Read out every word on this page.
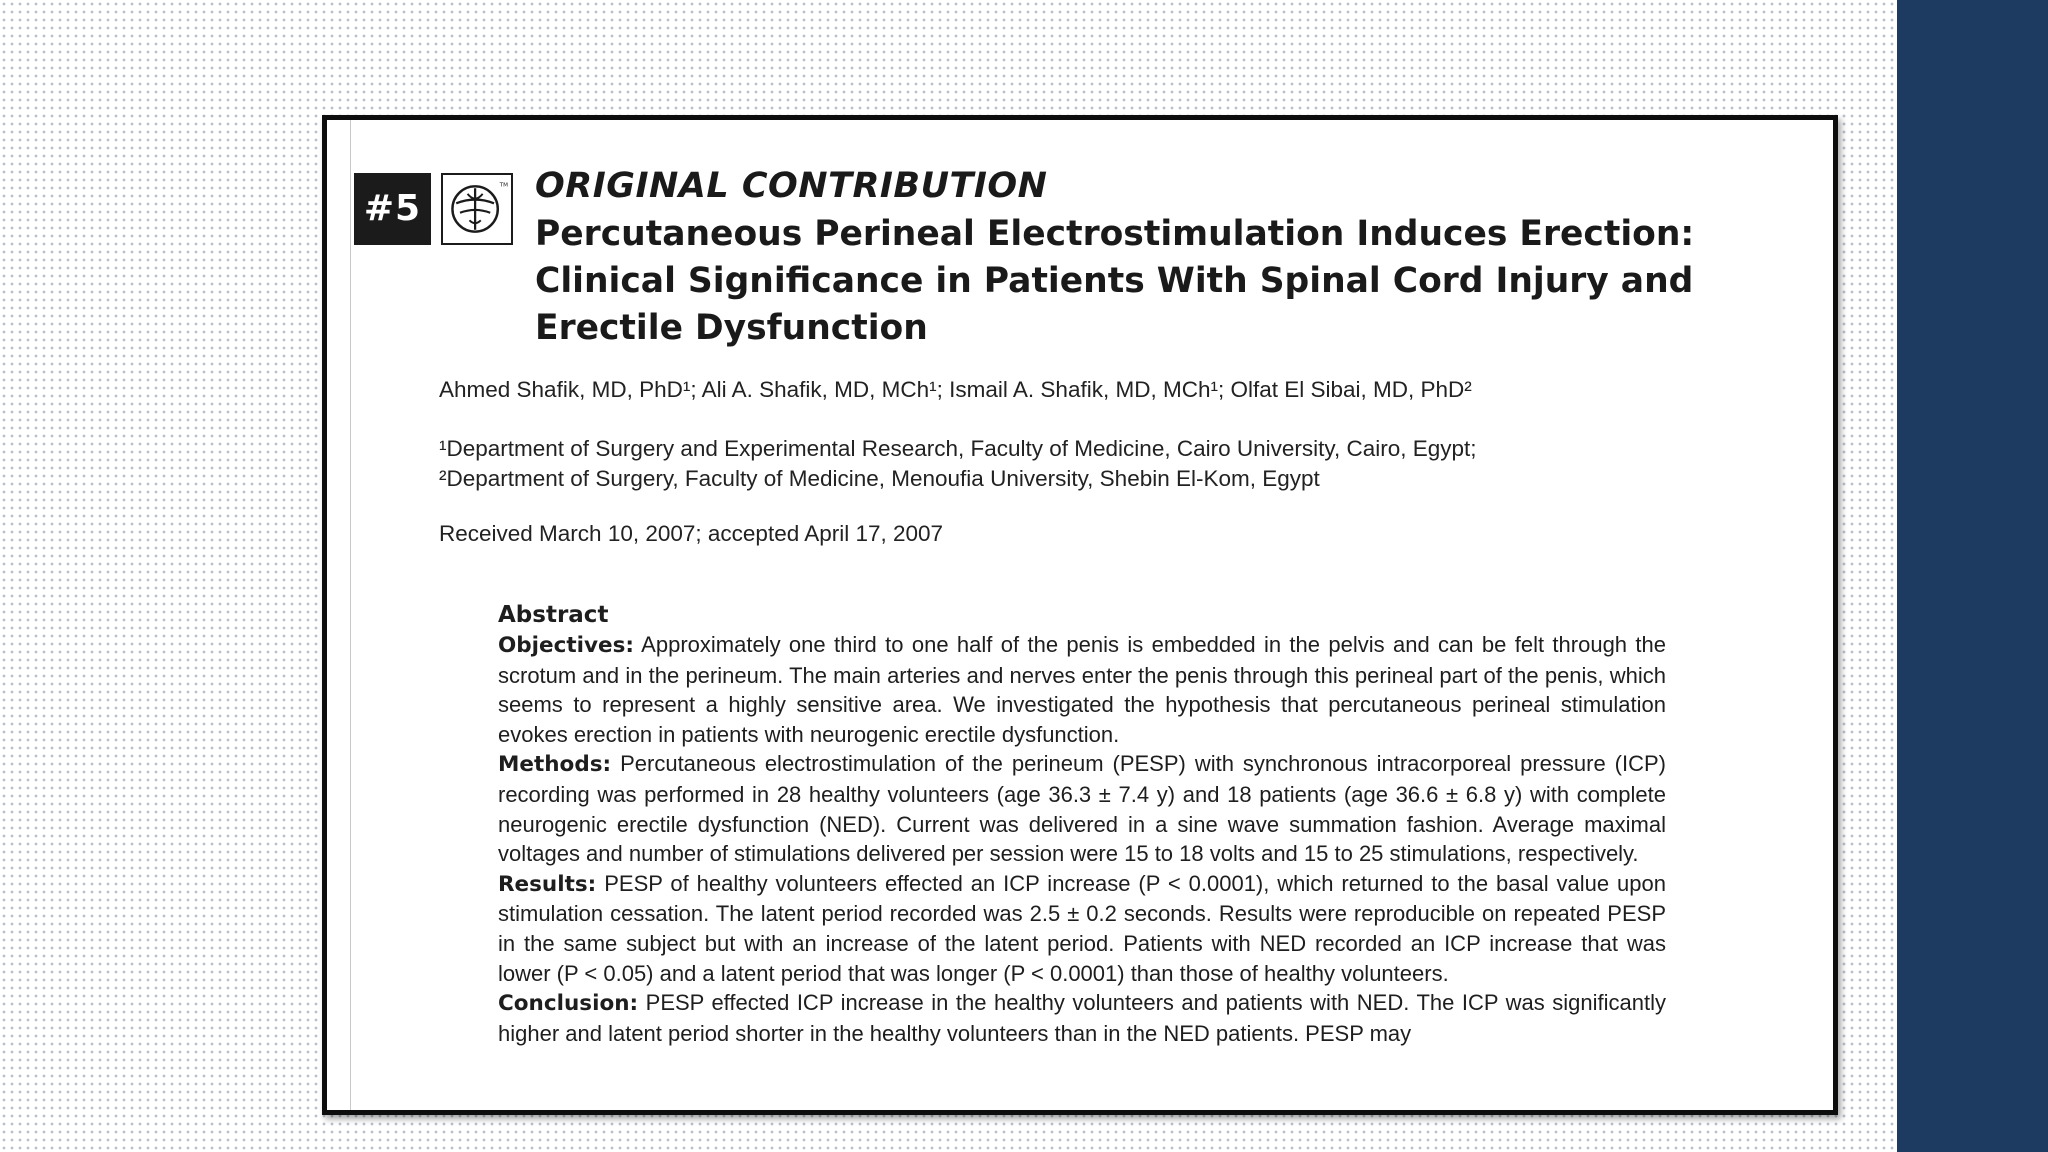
#5
TM ORIGINAL CONTRIBUTION
Percutaneous Perineal Electrostimulation Induces Erection: Clinical Significance in Patients With Spinal Cord Injury and Erectile Dysfunction
Ahmed Shafik, MD, PhD¹; Ali A. Shafik, MD, MCh¹; Ismail A. Shafik, MD, MCh¹; Olfat El Sibai, MD, PhD²
¹Department of Surgery and Experimental Research, Faculty of Medicine, Cairo University, Cairo, Egypt;
²Department of Surgery, Faculty of Medicine, Menoufia University, Shebin El-Kom, Egypt
Received March 10, 2007; accepted April 17, 2007
Abstract

Objectives: Approximately one third to one half of the penis is embedded in the pelvis and can be felt through the scrotum and in the perineum. The main arteries and nerves enter the penis through this perineal part of the penis, which seems to represent a highly sensitive area. We investigated the hypothesis that percutaneous perineal stimulation evokes erection in patients with neurogenic erectile dysfunction.

Methods: Percutaneous electrostimulation of the perineum (PESP) with synchronous intracorporeal pressure (ICP) recording was performed in 28 healthy volunteers (age 36.3 ± 7.4 y) and 18 patients (age 36.6 ± 6.8 y) with complete neurogenic erectile dysfunction (NED). Current was delivered in a sine wave summation fashion. Average maximal voltages and number of stimulations delivered per session were 15 to 18 volts and 15 to 25 stimulations, respectively.

Results: PESP of healthy volunteers effected an ICP increase (P < 0.0001), which returned to the basal value upon stimulation cessation. The latent period recorded was 2.5 ± 0.2 seconds. Results were reproducible on repeated PESP in the same subject but with an increase of the latent period. Patients with NED recorded an ICP increase that was lower (P < 0.05) and a latent period that was longer (P < 0.0001) than those of healthy volunteers.

Conclusion: PESP effected ICP increase in the healthy volunteers and patients with NED. The ICP was significantly higher and latent period shorter in the healthy volunteers than in the NED patients. PESP may
